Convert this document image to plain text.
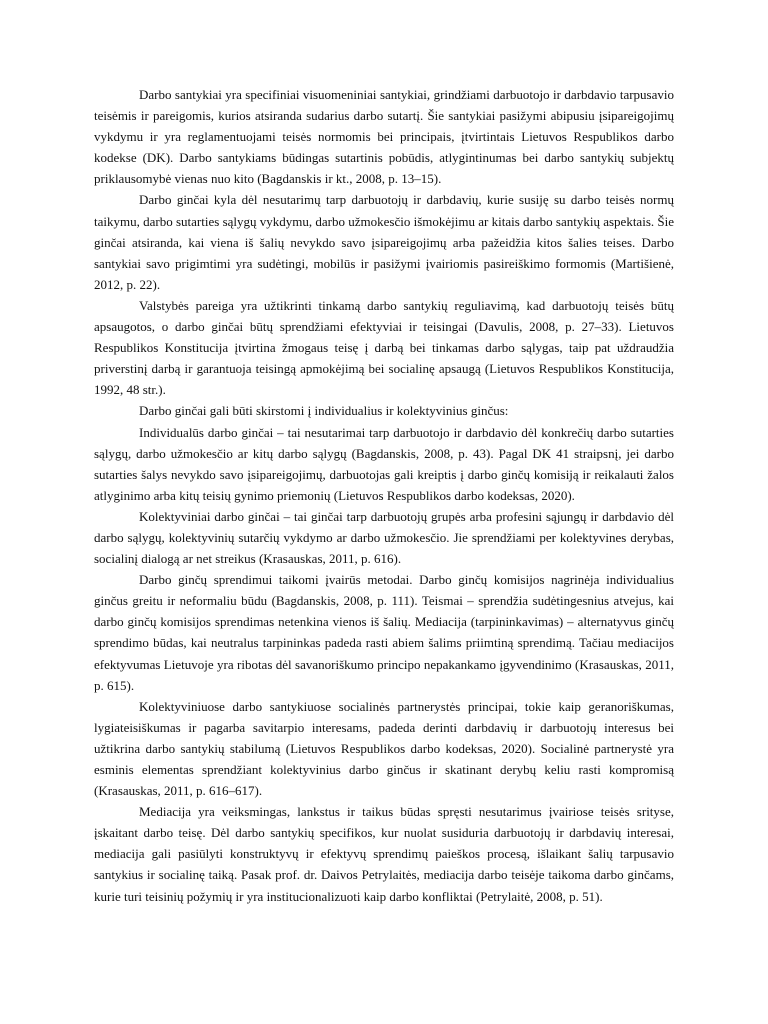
Darbo santykiai yra specifiniai visuomeniniai santykiai, grindžiami darbuotojo ir darbdavio tarpusavio teisėmis ir pareigomis, kurios atsiranda sudarius darbo sutartį. Šie santykiai pasižymi abipusiu įsipareigojimų vykdymu ir yra reglamentuojami teisės normomis bei principais, įtvirtintais Lietuvos Respublikos darbo kodekse (DK). Darbo santykiams būdingas sutartinis pobūdis, atlygintinumas bei darbo santykių subjektų priklausomybė vienas nuo kito (Bagdanskis ir kt., 2008, p. 13–15).

Darbo ginčai kyla dėl nesutarimų tarp darbuotojų ir darbdavių, kurie susiję su darbo teisės normų taikymu, darbo sutarties sąlygų vykdymu, darbo užmokesčio išmokėjimu ar kitais darbo santykių aspektais. Šie ginčai atsiranda, kai viena iš šalių nevykdo savo įsipareigojimų arba pažeidžia kitos šalies teises. Darbo santykiai savo prigimtimi yra sudėtingi, mobilūs ir pasižymi įvairiomis pasireiškimo formomis (Martišienė, 2012, p. 22).

Valstybės pareiga yra užtikrinti tinkamą darbo santykių reguliavimą, kad darbuotojų teisės būtų apsaugotos, o darbo ginčai būtų sprendžiami efektyviai ir teisingai (Davulis, 2008, p. 27–33). Lietuvos Respublikos Konstitucija įtvirtina žmogaus teisę į darbą bei tinkamas darbo sąlygas, taip pat uždraudžia priverstinį darbą ir garantuoja teisingą apmokėjimą bei socialinę apsaugą (Lietuvos Respublikos Konstitucija, 1992, 48 str.).

Darbo ginčai gali būti skirstomi į individualius ir kolektyvinius ginčus:

Individualūs darbo ginčai – tai nesutarimai tarp darbuotojo ir darbdavio dėl konkrečių darbo sutarties sąlygų, darbo užmokesčio ar kitų darbo sąlygų (Bagdanskis, 2008, p. 43). Pagal DK 41 straipsnį, jei darbo sutarties šalys nevykdo savo įsipareigojimų, darbuotojas gali kreiptis į darbo ginčų komisiją ir reikalauti žalos atlyginimo arba kitų teisių gynimo priemonių (Lietuvos Respublikos darbo kodeksas, 2020).

Kolektyviniai darbo ginčai – tai ginčai tarp darbuotojų grupės arba profesini sąjungų ir darbdavio dėl darbo sąlygų, kolektyvinių sutarčių vykdymo ar darbo užmokesčio. Jie sprendžiami per kolektyvines derybas, socialinį dialogą ar net streikus (Krasauskas, 2011, p. 616).

Darbo ginčų sprendimui taikomi įvairūs metodai. Darbo ginčų komisijos nagrinėja individualius ginčus greitu ir neformaliu būdu (Bagdanskis, 2008, p. 111). Teismai – sprendžia sudėtingesnius atvejus, kai darbo ginčų komisijos sprendimas netenkina vienos iš šalių. Mediacija (tarpininkavimas) – alternatyvus ginčų sprendimo būdas, kai neutralus tarpininkas padeda rasti abiem šalims priimtiną sprendimą. Tačiau mediacijos efektyvumas Lietuvoje yra ribotas dėl savanoriškumo principo nepakankamo įgyvendinimo (Krasauskas, 2011, p. 615).

Kolektyviniuose darbo santykiuose socialinės partnerystės principai, tokie kaip geranoriškumas, lygiateisiškumas ir pagarba savitarpio interesams, padeda derinti darbdavių ir darbuotojų interesus bei užtikrina darbo santykių stabilumą (Lietuvos Respublikos darbo kodeksas, 2020). Socialinė partnerystė yra esminis elementas sprendžiant kolektyvinius darbo ginčus ir skatinant derybų keliu rasti kompromisą (Krasauskas, 2011, p. 616–617).

Mediacija yra veiksmingas, lankstus ir taikus būdas spręsti nesutarimus įvairiose teisės srityse, įskaitant darbo teisę. Dėl darbo santykių specifikos, kur nuolat susiduria darbuotojų ir darbdavių interesai, mediacija gali pasiūlyti konstruktyvų ir efektyvų sprendimų paieškos procesą, išlaikant šalių tarpusavio santykius ir socialinę taiką. Pasak prof. dr. Daivos Petrylaitės, mediacija darbo teisėje taikoma darbo ginčams, kurie turi teisinių požymių ir yra institucionalizuoti kaip darbo konfliktai (Petrylaitė, 2008, p. 51).
